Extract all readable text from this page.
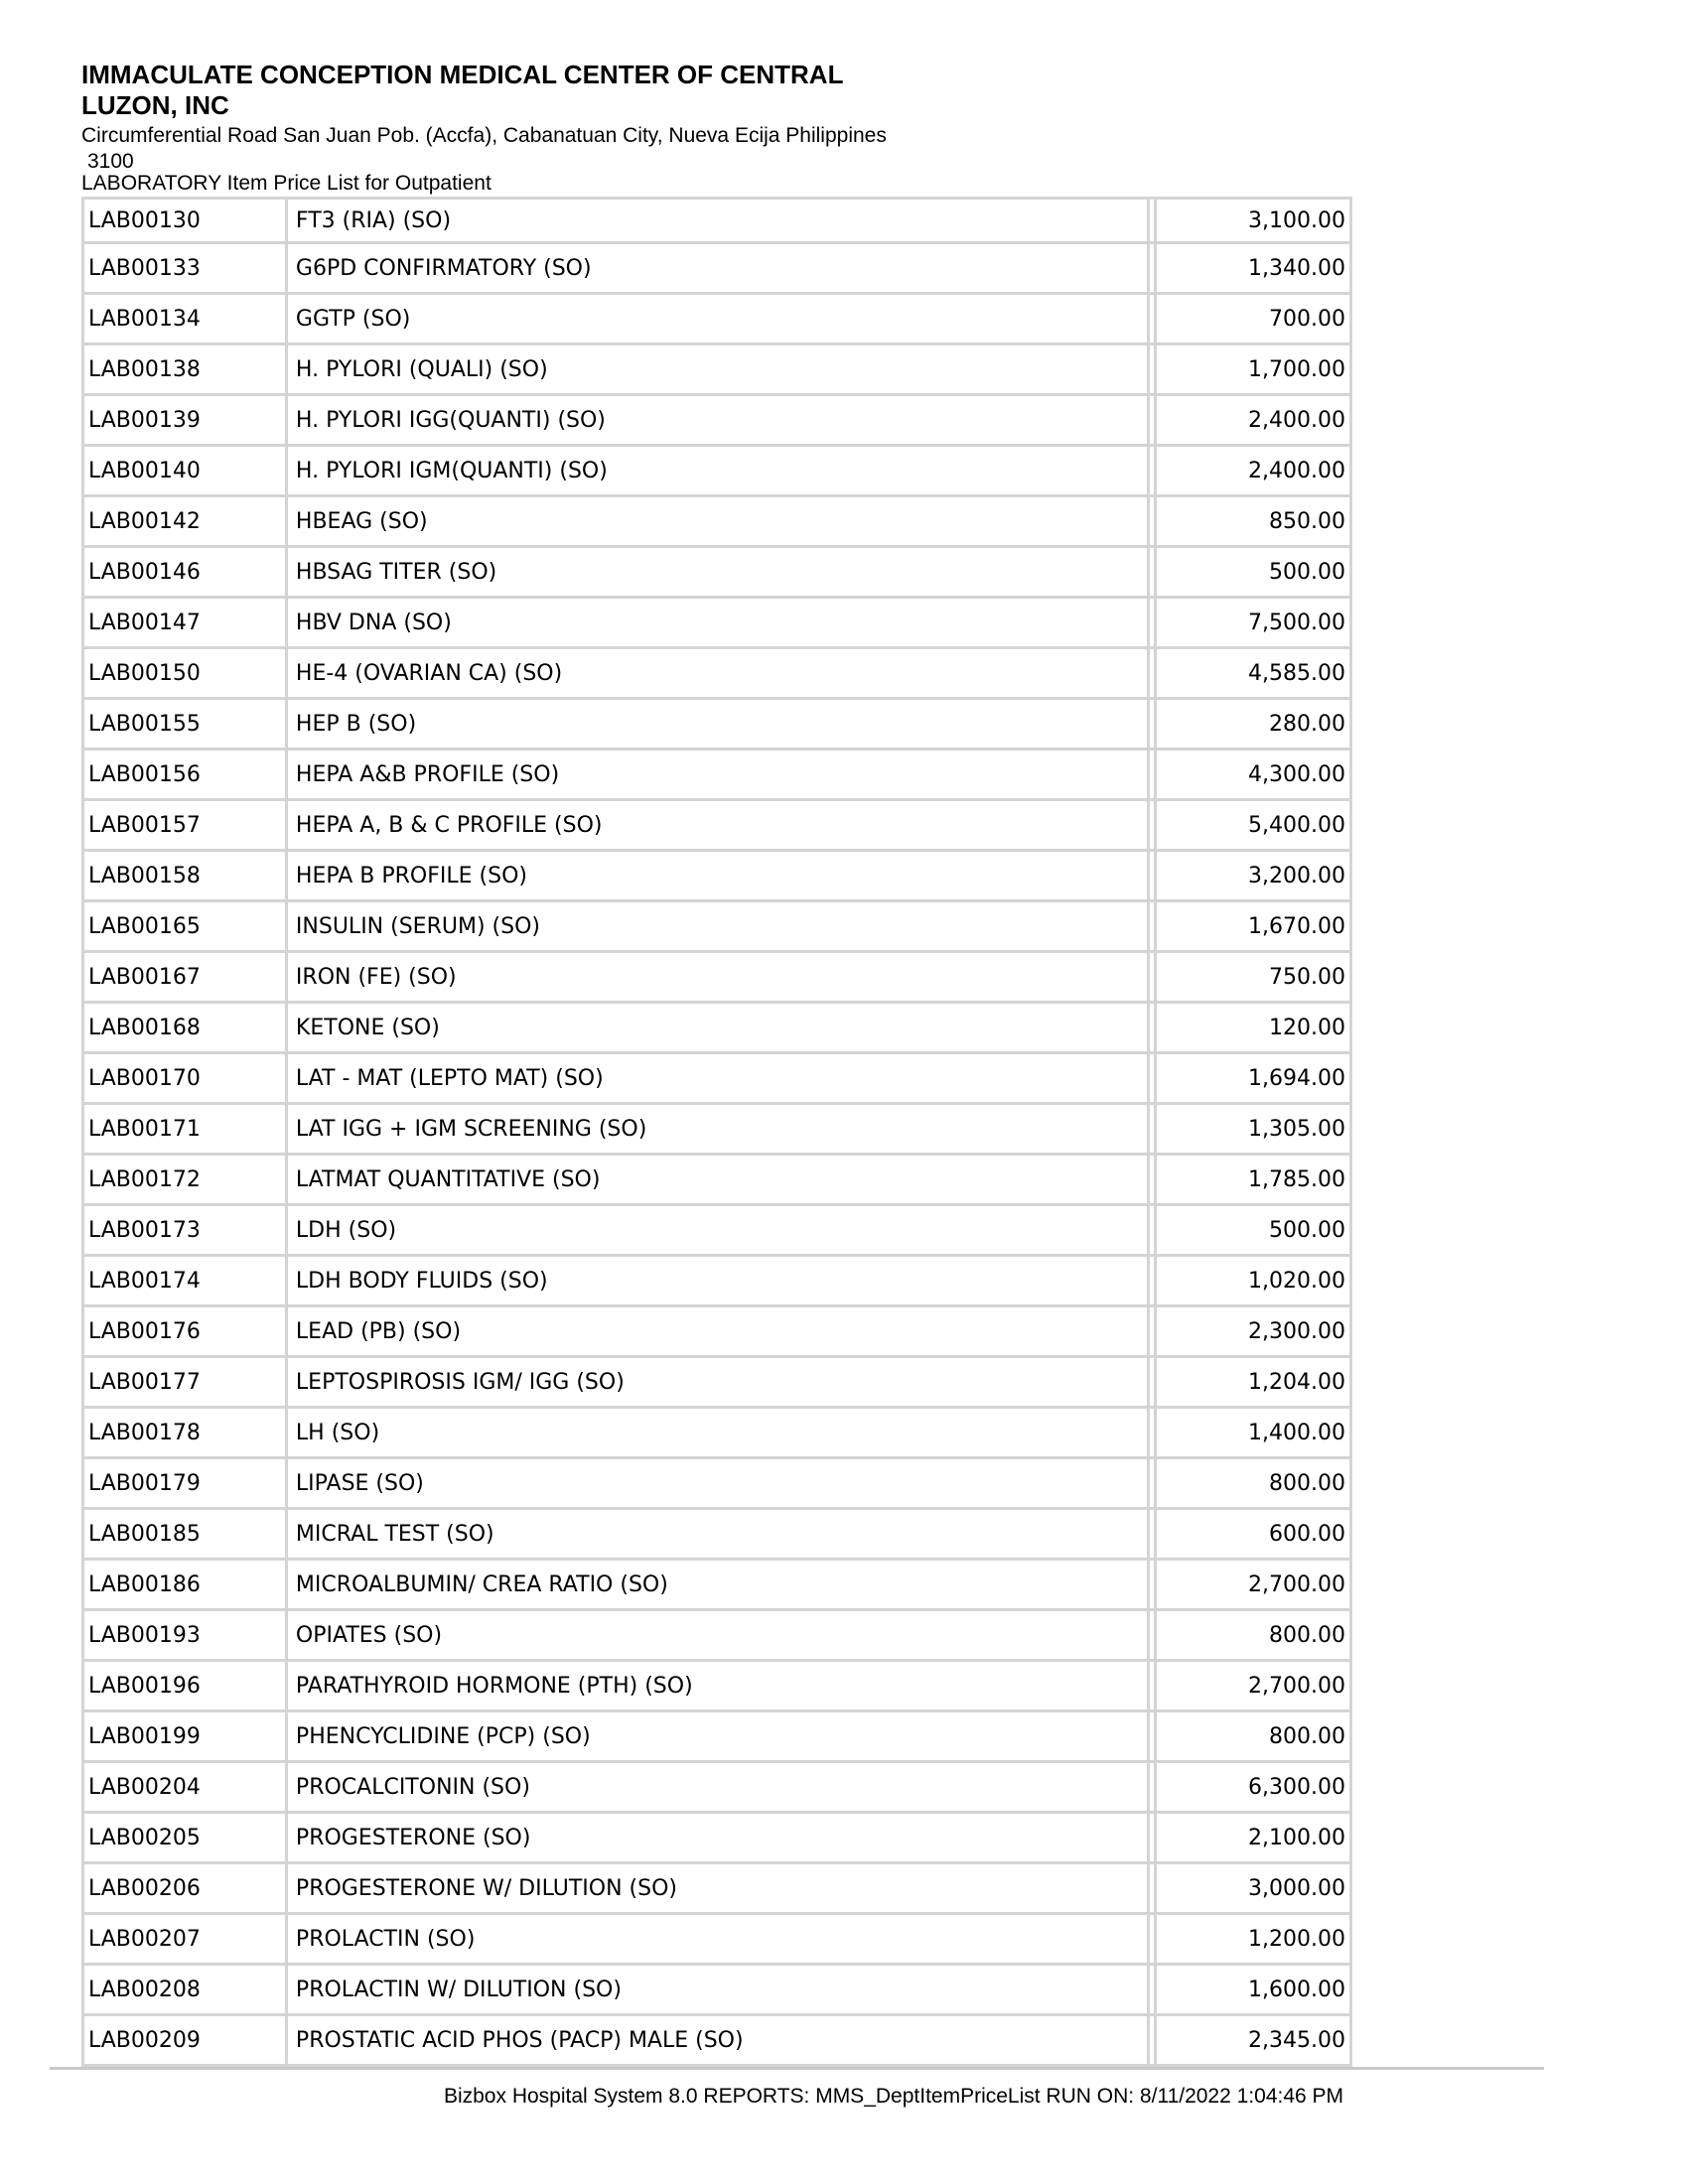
IMMACULATE CONCEPTION MEDICAL CENTER OF CENTRAL
LUZON, INC
Circumferential Road San Juan Pob. (Accfa), Cabanatuan City, Nueva Ecija Philippines
3100
LABORATORY Item Price List for Outpatient
LAB00130	FT3 (RIA) (SO)		3,100.00
LAB00133	G6PD CONFIRMATORY (SO)		1,340.00
LAB00134	GGTP (SO)		700.00
LAB00138	H. PYLORI (QUALI) (SO)		1,700.00
LAB00139	H. PYLORI IGG(QUANTI) (SO)		2,400.00
LAB00140	H. PYLORI IGM(QUANTI) (SO)		2,400.00
LAB00142	HBEAG (SO)		850.00
LAB00146	HBSAG TITER (SO)		500.00
LAB00147	HBV DNA (SO)		7,500.00
LAB00150	HE-4 (OVARIAN CA) (SO)		4,585.00
LAB00155	HEP B (SO)		280.00
LAB00156	HEPA A&B PROFILE (SO)		4,300.00
LAB00157	HEPA A, B & C PROFILE (SO)		5,400.00
LAB00158	HEPA B PROFILE (SO)		3,200.00
LAB00165	INSULIN (SERUM) (SO)		1,670.00
LAB00167	IRON (FE) (SO)		750.00
LAB00168	KETONE (SO)		120.00
LAB00170	LAT - MAT (LEPTO MAT) (SO)		1,694.00
LAB00171	LAT IGG + IGM SCREENING (SO)		1,305.00
LAB00172	LATMAT QUANTITATIVE (SO)		1,785.00
LAB00173	LDH (SO)		500.00
LAB00174	LDH BODY FLUIDS (SO)		1,020.00
LAB00176	LEAD (PB) (SO)		2,300.00
LAB00177	LEPTOSPIROSIS IGM/ IGG (SO)		1,204.00
LAB00178	LH (SO)		1,400.00
LAB00179	LIPASE (SO)		800.00
LAB00185	MICRAL TEST (SO)		600.00
LAB00186	MICROALBUMIN/ CREA RATIO (SO)		2,700.00
LAB00193	OPIATES (SO)		800.00
LAB00196	PARATHYROID HORMONE (PTH) (SO)		2,700.00
LAB00199	PHENCYCLIDINE (PCP) (SO)		800.00
LAB00204	PROCALCITONIN (SO)		6,300.00
LAB00205	PROGESTERONE (SO)		2,100.00
LAB00206	PROGESTERONE W/ DILUTION (SO)		3,000.00
LAB00207	PROLACTIN (SO)		1,200.00
LAB00208	PROLACTIN W/ DILUTION (SO)		1,600.00
LAB00209	PROSTATIC ACID PHOS (PACP) MALE (SO)		2,345.00
Bizbox Hospital System 8.0 REPORTS: MMS_DeptItemPriceList RUN ON: 8/11/2022 1:04:46 PM
